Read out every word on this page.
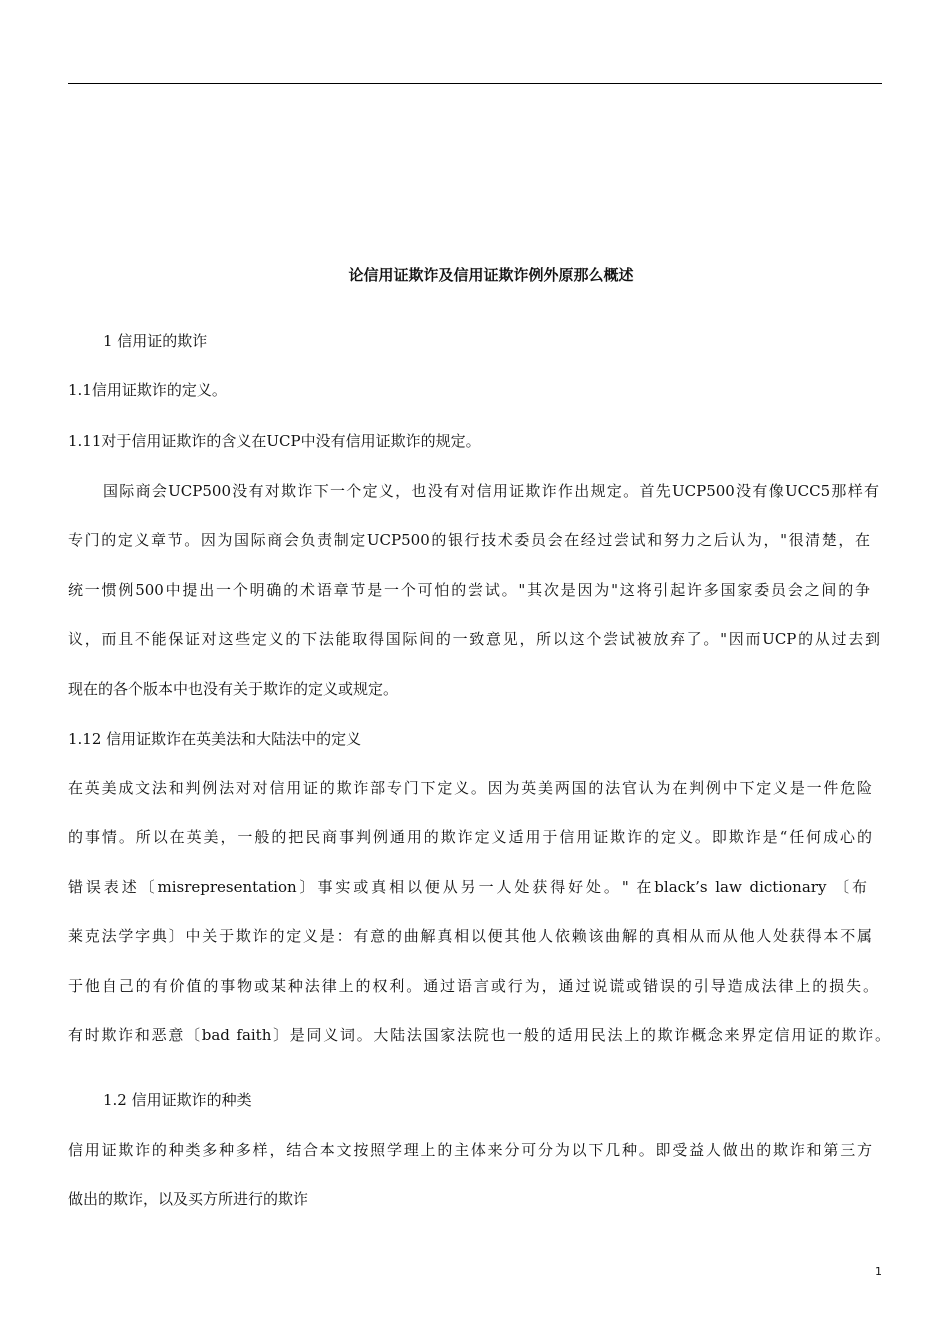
论信用证欺诈及信用证欺诈例外原那么概述
1 信用证的欺诈
1.1信用证欺诈的定义。
1.11对于信用证欺诈的含义在UCP中没有信用证欺诈的规定。
国际商会UCP500没有对欺诈下一个定义，也没有对信用证欺诈作出规定。首先UCP500没有像UCC5那样有
专门的定义章节。因为国际商会负责制定UCP500的银行技术委员会在经过尝试和努力之后认为，"很清楚，在
统一惯例500中提出一个明确的术语章节是一个可怕的尝试。"其次是因为"这将引起许多国家委员会之间的争
议，而且不能保证对这些定义的下法能取得国际间的一致意见，所以这个尝试被放弃了。"因而UCP的从过去到
现在的各个版本中也没有关于欺诈的定义或规定。
1.12 信用证欺诈在英美法和大陆法中的定义
在英美成文法和判例法对对信用证的欺诈部专门下定义。因为英美两国的法官认为在判例中下定义是一件危险
的事情。所以在英美，一般的把民商事判例通用的欺诈定义适用于信用证欺诈的定义。即欺诈是“任何成心的
错误表述〔misrepresentation〕事实或真相以便从另一人处获得好处。" 在black’s law dictionary 〔布
莱克法学字典〕中关于欺诈的定义是：有意的曲解真相以便其他人依赖该曲解的真相从而从他人处获得本不属
于他自己的有价值的事物或某种法律上的权利。通过语言或行为，通过说谎或错误的引导造成法律上的损失。
有时欺诈和恶意〔bad faith〕是同义词。大陆法国家法院也一般的适用民法上的欺诈概念来界定信用证的欺诈。
1.2 信用证欺诈的种类
信用证欺诈的种类多种多样，结合本文按照学理上的主体来分可分为以下几种。即受益人做出的欺诈和第三方
做出的欺诈，以及买方所进行的欺诈
1
